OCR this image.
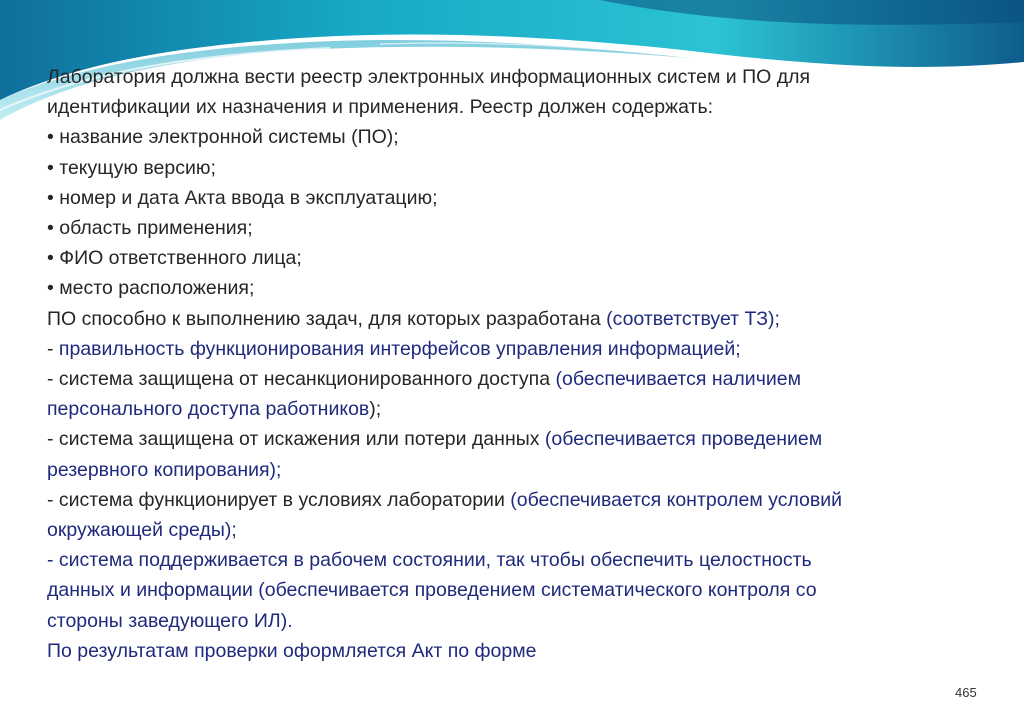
Лаборатория должна вести реестр электронных информационных систем и ПО для
идентификации их назначения и применения. Реестр должен содержать:
• название электронной системы (ПО);
• текущую версию;
• номер и дата Акта ввода в эксплуатацию;
• область применения;
• ФИО ответственного лица;
• место расположения;
ПО способно к выполнению задач, для которых разработана (соответствует ТЗ);
- правильность функционирования интерфейсов управления информацией;
- система защищена от несанкционированного доступа (обеспечивается наличием
персонального доступа работников);
- система защищена от искажения или потери данных (обеспечивается проведением
резервного копирования);
- система функционирует в условиях лаборатории (обеспечивается контролем условий
окружающей среды);
- система поддерживается в рабочем состоянии, так чтобы обеспечить целостность
данных и информации (обеспечивается проведением систематического контроля со
стороны заведующего ИЛ).
По результатам проверки оформляется Акт по форме
465
